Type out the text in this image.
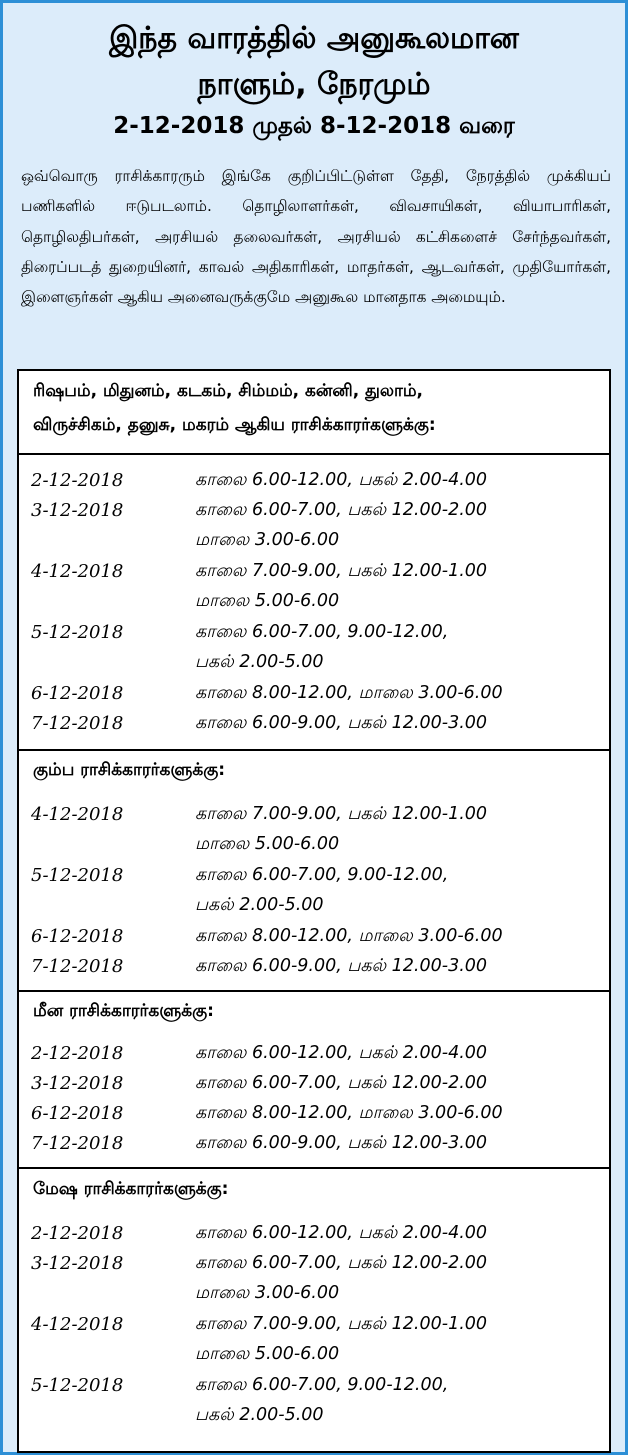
இந்த வாரத்தில் அனுகூலமான
நாளும், நேரமும்
2-12-2018 முதல் 8-12-2018 வரை
ஒவ்வொரு ராசிக்காரரும் இங்கே குறிப்பிட்டுள்ள தேதி, நேரத்தில் முக்கியப் பணிகளில் ஈடுபடலாம். தொழிலாளர்கள், விவசாயிகள், வியாபாரிகள், தொழிலதிபர்கள், அரசியல் தலைவர்கள், அரசியல் கட்சிகளைச் சேர்ந்தவர்கள், திரைப்படத் துறையினர், காவல் அதிகாரிகள், மாதர்கள், ஆடவர்கள், முதியோர்கள், இளைஞர்கள் ஆகிய அனைவருக்குமே அனுகூல மானதாக அமையும்.
ரிஷபம், மிதுனம், கடகம், சிம்மம், கன்னி, துலாம்,
விருச்சிகம், தனுசு, மகரம் ஆகிய ராசிக்காரர்களுக்கு:
2-12-2018	காலை 6.00-12.00, பகல் 2.00-4.00
3-12-2018	காலை 6.00-7.00, பகல் 12.00-2.00
மாலை 3.00-6.00
4-12-2018	காலை 7.00-9.00, பகல் 12.00-1.00
மாலை 5.00-6.00
5-12-2018	காலை 6.00-7.00, 9.00-12.00,
பகல் 2.00-5.00
6-12-2018	காலை 8.00-12.00, மாலை 3.00-6.00
7-12-2018	காலை 6.00-9.00, பகல் 12.00-3.00
கும்ப ராசிக்காரர்களுக்கு:
4-12-2018	காலை 7.00-9.00, பகல் 12.00-1.00
மாலை 5.00-6.00
5-12-2018	காலை 6.00-7.00, 9.00-12.00,
பகல் 2.00-5.00
6-12-2018	காலை 8.00-12.00, மாலை 3.00-6.00
7-12-2018	காலை 6.00-9.00, பகல் 12.00-3.00
மீன ராசிக்காரர்களுக்கு:
2-12-2018	காலை 6.00-12.00, பகல் 2.00-4.00
3-12-2018	காலை 6.00-7.00, பகல் 12.00-2.00
6-12-2018	காலை 8.00-12.00, மாலை 3.00-6.00
7-12-2018	காலை 6.00-9.00, பகல் 12.00-3.00
மேஷ ராசிக்காரர்களுக்கு:
2-12-2018	காலை 6.00-12.00, பகல் 2.00-4.00
3-12-2018	காலை 6.00-7.00, பகல் 12.00-2.00
மாலை 3.00-6.00
4-12-2018	காலை 7.00-9.00, பகல் 12.00-1.00
மாலை 5.00-6.00
5-12-2018	காலை 6.00-7.00, 9.00-12.00,
பகல் 2.00-5.00
